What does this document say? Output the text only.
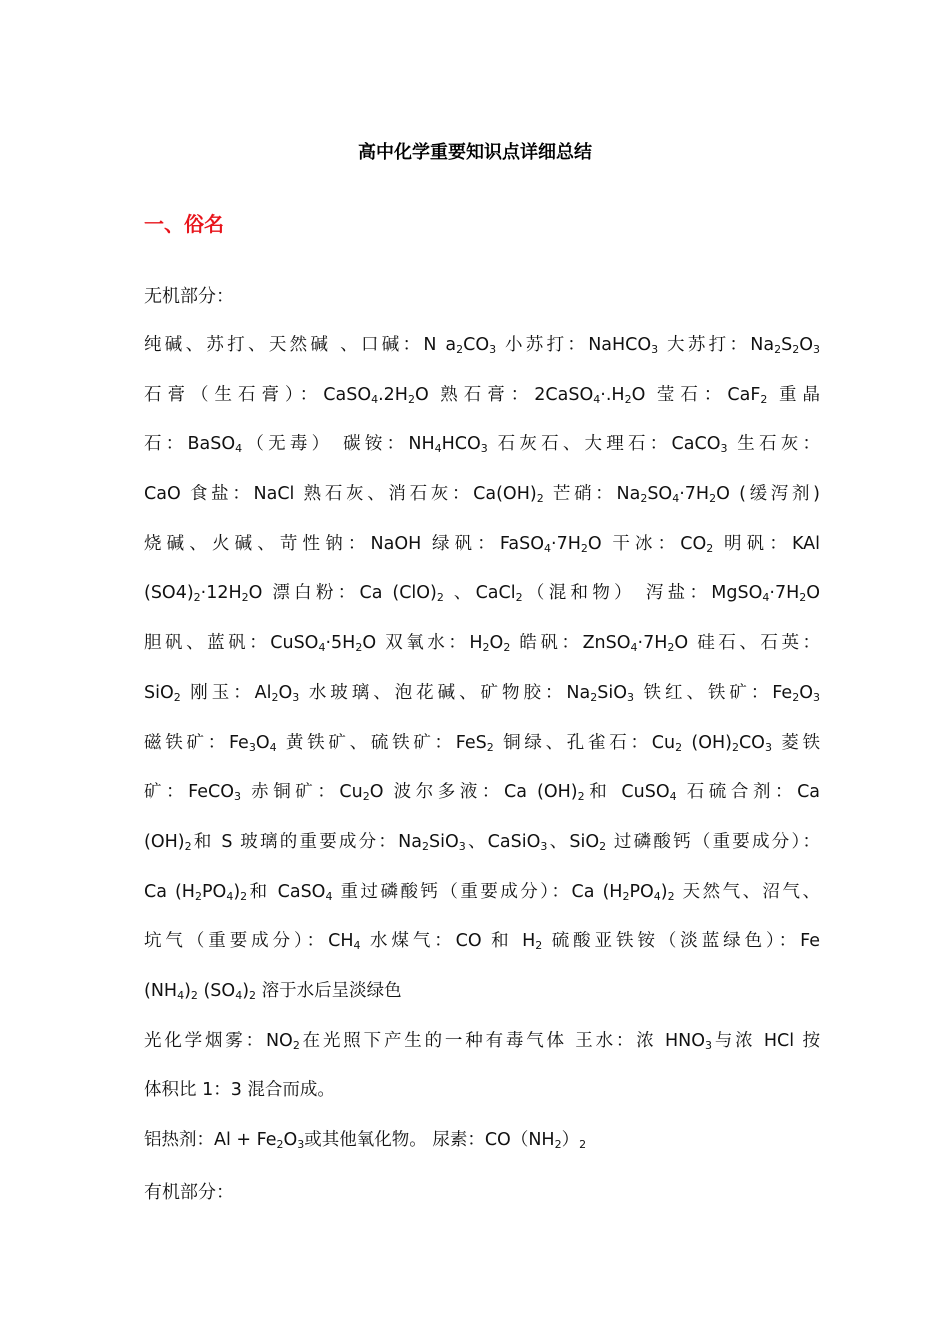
高中化学重要知识点详细总结
一、俗名
无机部分：
纯碱、苏打、天然碱 、口碱：N $a_2CO_3$ 小苏打：NaHCO$_3$ 大苏打：$Na_2S_2O_3$
石膏（生石膏）：$CaSO_4.2H_2O$ 熟石膏：$2CaSO_4\cdot.H_2O$ 莹石：CaF$_2$ 重晶
石：BaSO$_4$（无毒） 碳铵：$NH_4HCO_3$ 石灰石、大理石：CaCO$_3$ 生石灰：
CaO 食盐：NaCl 熟石灰、消石灰：$Ca(OH)_2$ 芒硝：$Na_2SO_4\cdot 7H_2O$ (缓泻剂)
烧碱、火碱、苛性钠：NaOH 绿矾：$FaSO_4\cdot 7H_2O$ 干冰：$CO_2$ 明矾：KAl
$(SO4)_2\cdot 12H_2O$ 漂白粉：Ca $(ClO)_2$ 、CaCl$_2$（混和物） 泻盐：$MgSO_4\cdot 7H_2O$
胆矾、蓝矾：$CuSO_4\cdot 5H_2O$ 双氧水：$H_2O_2$ 皓矾：$ZnSO_4\cdot 7H_2O$ 硅石、石英：
SiO$_2$ 刚玉：$Al_2O_3$ 水玻璃、泡花碱、矿物胶：$Na_2SiO_3$ 铁红、铁矿：$Fe_2O_3$
磁铁矿：$Fe_3O_4$ 黄铁矿、硫铁矿：FeS$_2$ 铜绿、孔雀石：$Cu_2$ $(OH)_2CO_3$ 菱铁
矿：FeCO$_3$ 赤铜矿：$Cu_2O$ 波尔多液：Ca $(OH)_2$和 CuSO$_4$ 石硫合剂：Ca
$(OH)_2$和 S 玻璃的重要成分：$Na_2SiO_3$、CaSiO$_3$、SiO$_2$ 过磷酸钙（重要成分）：
Ca $(H_2PO_4)_2$和 CaSO$_4$ 重过磷酸钙（重要成分）：Ca $(H_2PO_4)_2$ 天然气、沼气、
坑气（重要成分）：$CH_4$ 水煤气：CO 和 $H_2$ 硫酸亚铁铵（淡蓝绿色）：Fe
$(NH_4)_2$ $(SO_4)_2$ 溶于水后呈淡绿色
光化学烟雾：$NO_2$在光照下产生的一种有毒气体 王水：浓 $HNO_3$与浓 HCl 按
体积比 1：3 混合而成。
铝热剂：$Al + Fe_2O_3$或其他氧化物。 尿素：$CO(NH_2)_2$
有机部分：
